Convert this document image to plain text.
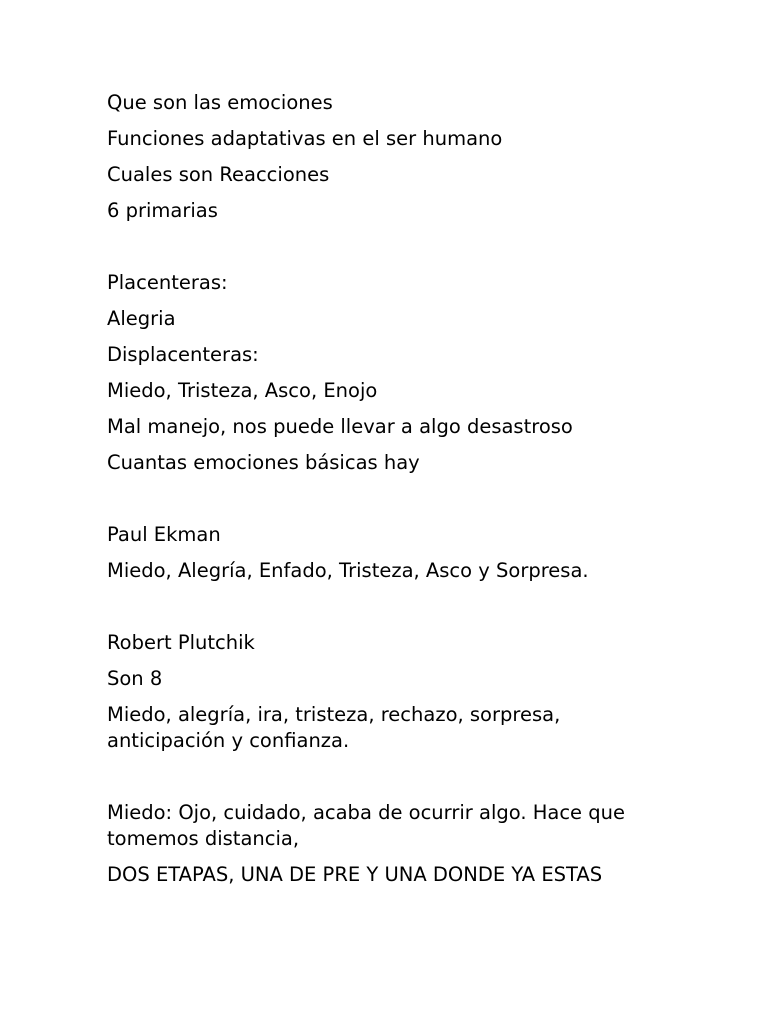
Que son las emociones

Funciones adaptativas en el ser humano

Cuales son Reacciones

6 primarias

Placenteras:

Alegria

Displacenteras:

Miedo, Tristeza, Asco, Enojo

Mal manejo, nos puede llevar a algo desastroso

Cuantas emociones básicas hay

Paul Ekman

Miedo, Alegría, Enfado, Tristeza, Asco y Sorpresa.

Robert Plutchik

Son 8

Miedo, alegría, ira, tristeza, rechazo, sorpresa, anticipación y confianza.

Miedo: Ojo, cuidado, acaba de ocurrir algo. Hace que tomemos distancia,

DOS ETAPAS, UNA DE PRE Y UNA DONDE YA ESTAS
